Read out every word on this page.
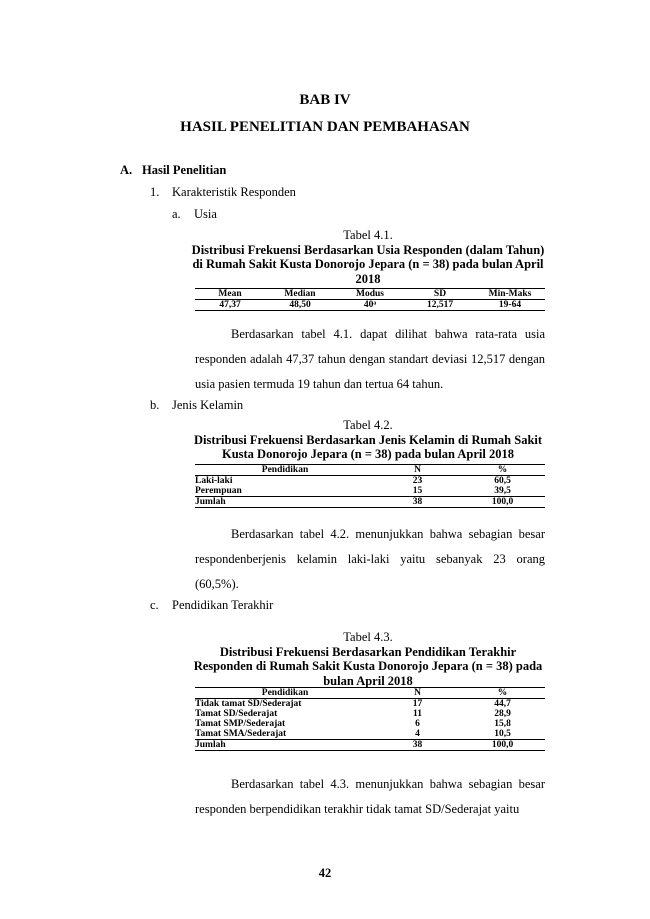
BAB IV
HASIL PENELITIAN DAN PEMBAHASAN
A. Hasil Penelitian
1. Karakteristik Responden
a. Usia
Tabel 4.1.
Distribusi Frekuensi Berdasarkan Usia Responden (dalam Tahun) di Rumah Sakit Kusta Donorojo Jepara (n = 38) pada bulan April 2018
Mean	Median	Modus	SD	Min-Maks
47,37	48,50	40ᵃ	12,517	19-64
Berdasarkan tabel 4.1. dapat dilihat bahwa rata-rata usia responden adalah 47,37 tahun dengan standart deviasi 12,517 dengan usia pasien termuda 19 tahun dan tertua 64 tahun.
b. Jenis Kelamin
Tabel 4.2.
Distribusi Frekuensi Berdasarkan Jenis Kelamin di Rumah Sakit Kusta Donorojo Jepara (n = 38) pada bulan April 2018
Pendidikan	N	%
Laki-laki	23	60,5
Perempuan	15	39,5
Jumlah	38	100,0
Berdasarkan tabel 4.2. menunjukkan bahwa sebagian besar respondenberjenis kelamin laki-laki yaitu sebanyak 23 orang (60,5%).
c. Pendidikan Terakhir
Tabel 4.3.
Distribusi Frekuensi Berdasarkan Pendidikan Terakhir Responden di Rumah Sakit Kusta Donorojo Jepara (n = 38) pada bulan April 2018
Pendidikan	N	%
Tidak tamat SD/Sederajat	17	44,7
Tamat SD/Sederajat	11	28,9
Tamat SMP/Sederajat	6	15,8
Tamat SMA/Sederajat	4	10,5
Jumlah	38	100,0
Berdasarkan tabel 4.3. menunjukkan bahwa sebagian besar responden berpendidikan terakhir tidak tamat SD/Sederajat yaitu
42
